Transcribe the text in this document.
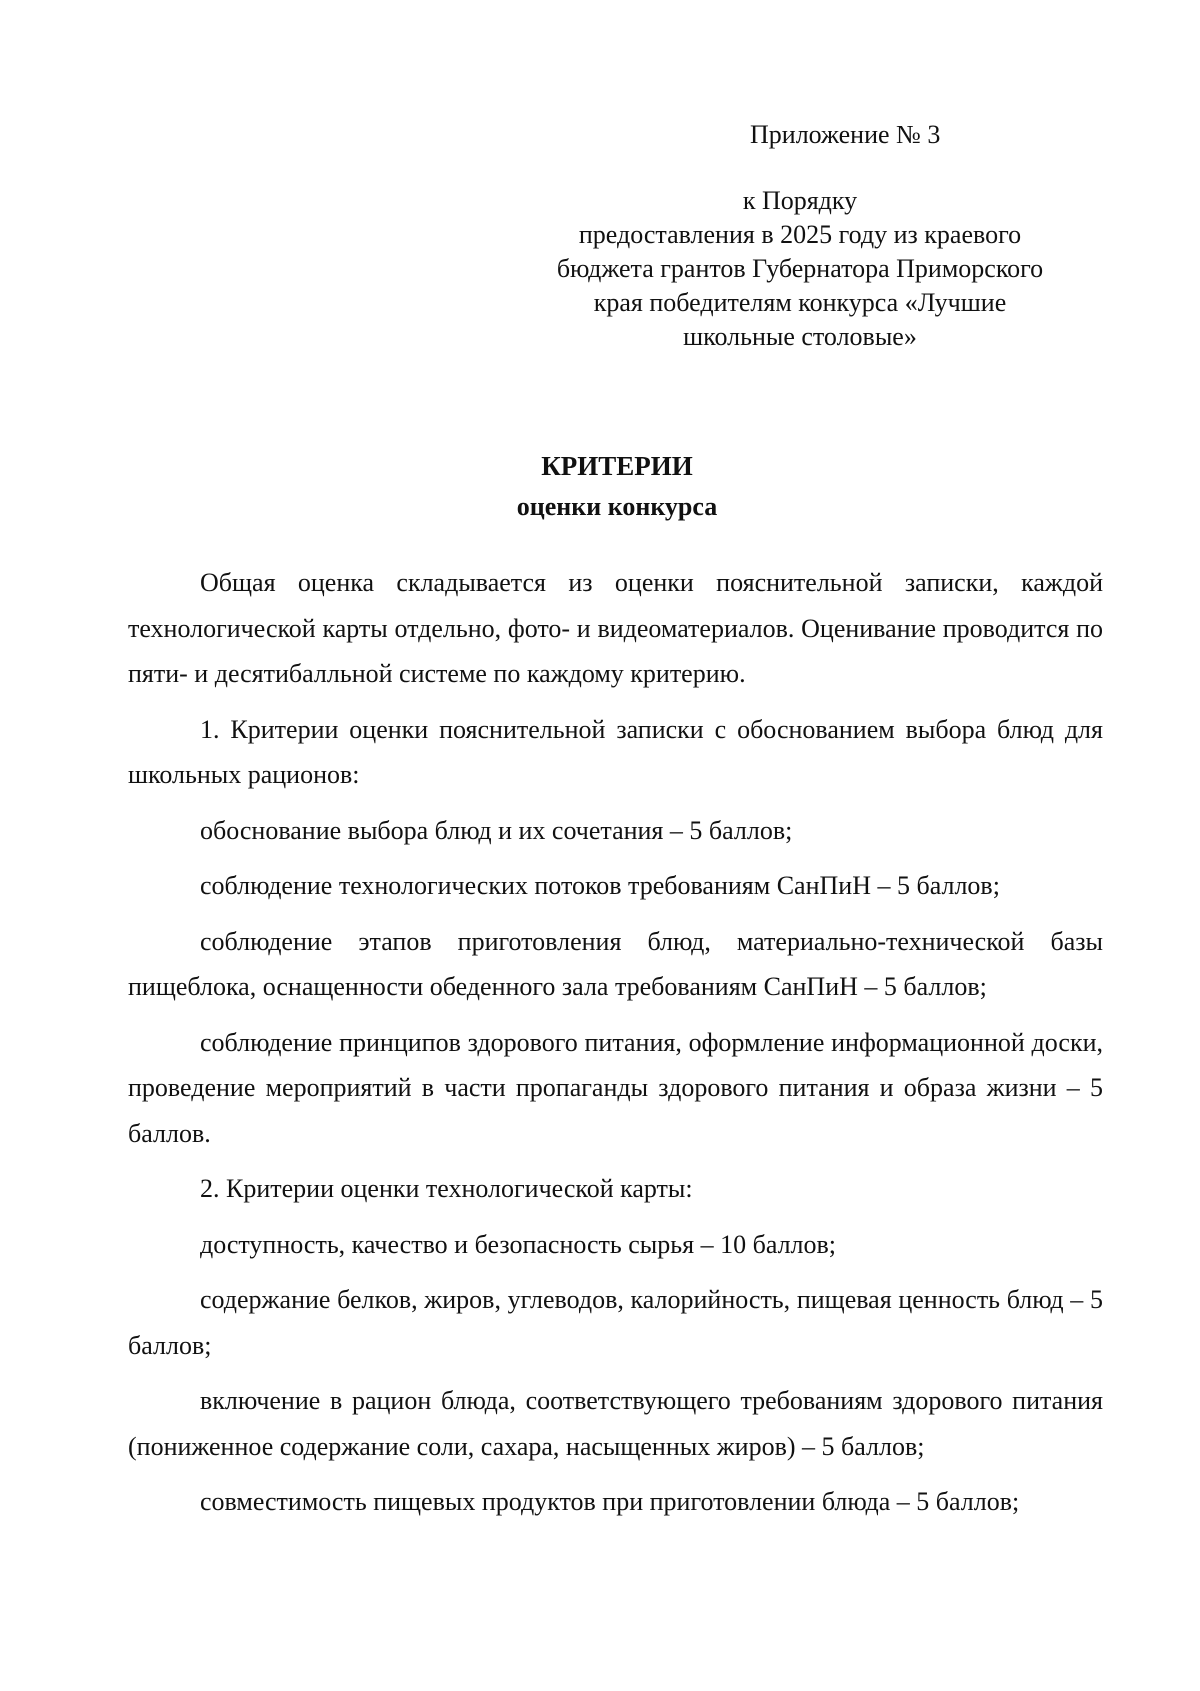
Приложение № 3
к Порядку
предоставления в 2025 году из краевого
бюджета грантов Губернатора Приморского
края победителям конкурса «Лучшие
школьные столовые»
КРИТЕРИИ
оценки конкурса

Общая оценка складывается из оценки пояснительной записки, каждой технологической карты отдельно, фото- и видеоматериалов. Оценивание проводится по пяти- и десятибалльной системе по каждому критерию.

1. Критерии оценки пояснительной записки с обоснованием выбора блюд для школьных рационов:

обоснование выбора блюд и их сочетания – 5 баллов;

соблюдение технологических потоков требованиям СанПиН – 5 баллов;

соблюдение этапов приготовления блюд, материально-технической базы пищеблока, оснащенности обеденного зала требованиям СанПиН – 5 баллов;

соблюдение принципов здорового питания, оформление информационной доски, проведение мероприятий в части пропаганды здорового питания и образа жизни – 5 баллов.

2. Критерии оценки технологической карты:

доступность, качество и безопасность сырья – 10 баллов;

содержание белков, жиров, углеводов, калорийность, пищевая ценность блюд – 5 баллов;

включение в рацион блюда, соответствующего требованиям здорового питания (пониженное содержание соли, сахара, насыщенных жиров) – 5 баллов;

совместимость пищевых продуктов при приготовлении блюда – 5 баллов;
